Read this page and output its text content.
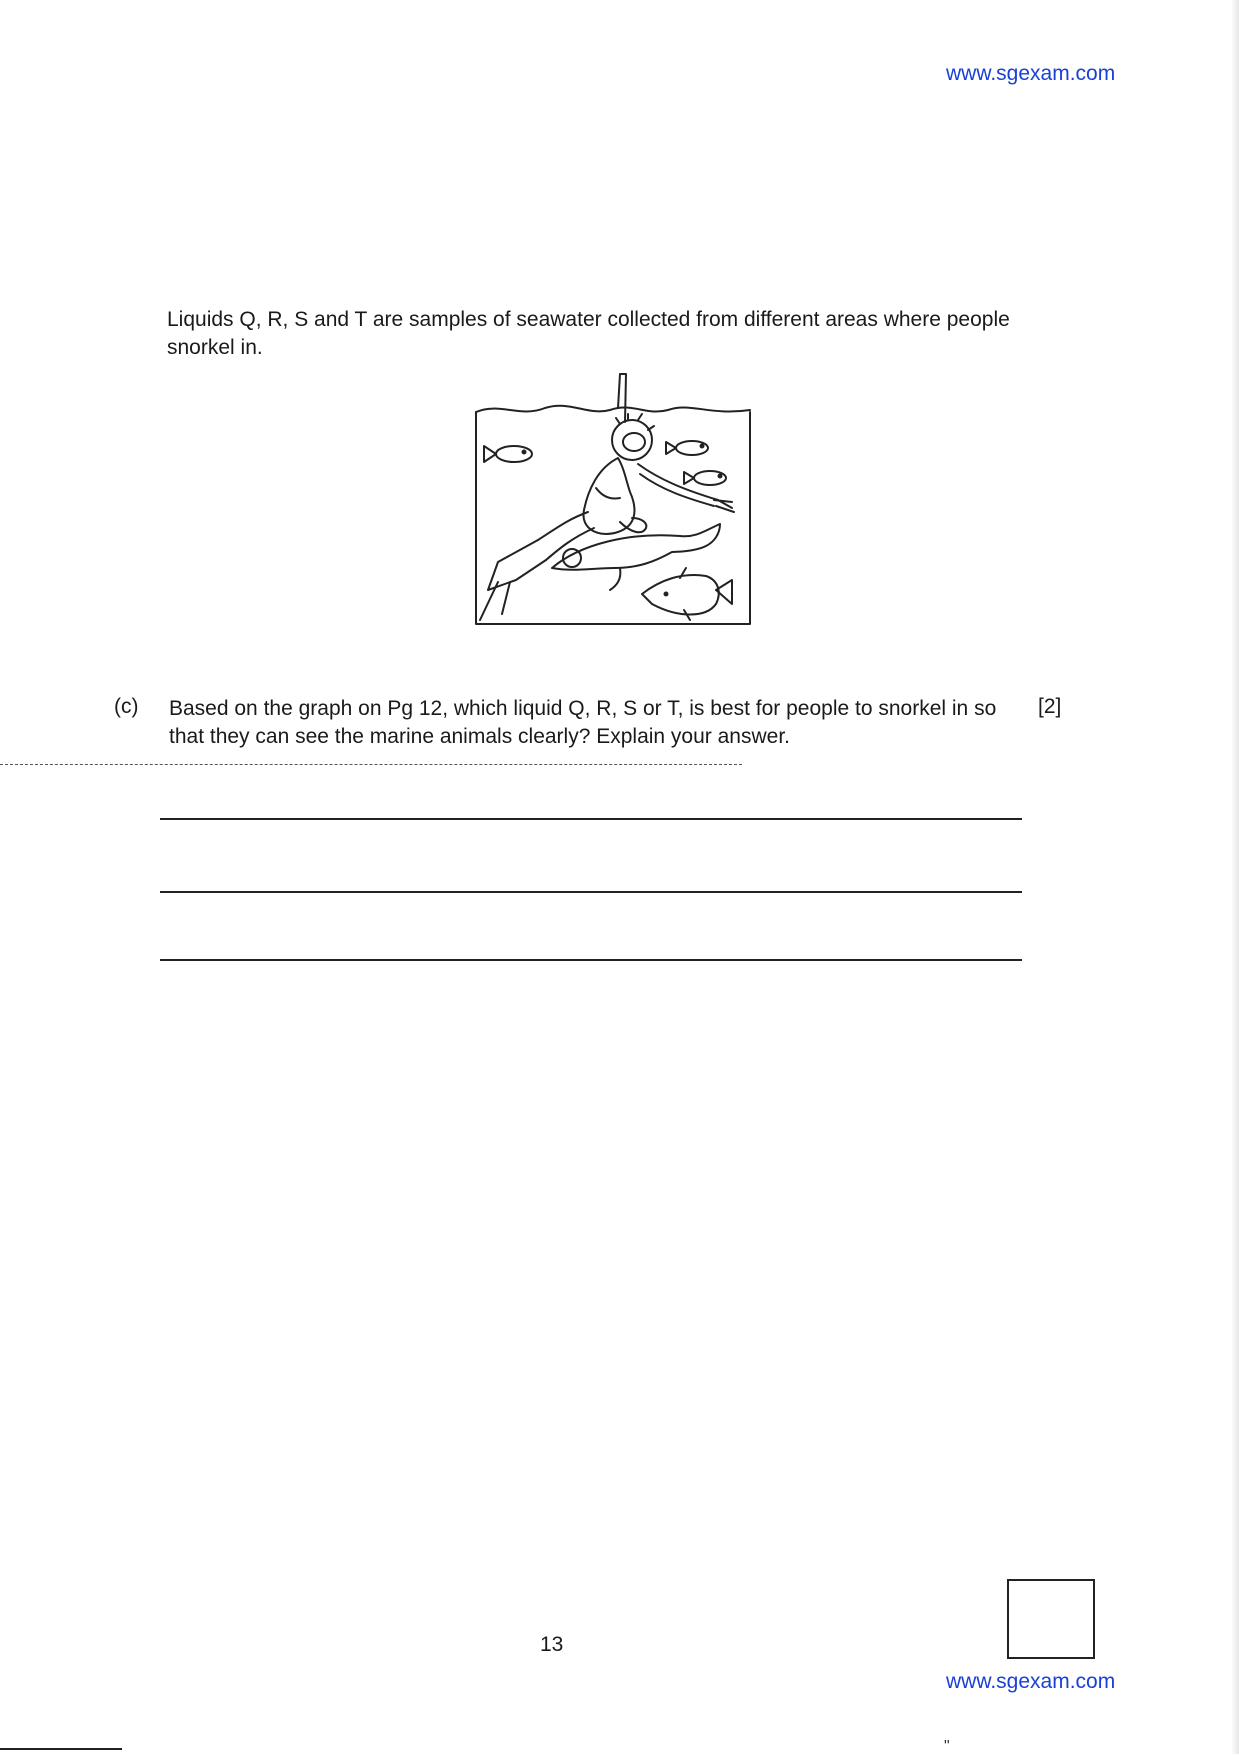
www.sgexam.com
Liquids Q, R, S and T are samples of seawater collected from different areas where people snorkel in.
(c) Based on the graph on Pg 12, which liquid Q, R, S or T, is best for people to snorkel in so that they can see the marine animals clearly? Explain your answer.
[2]
13
www.sgexam.com
"
